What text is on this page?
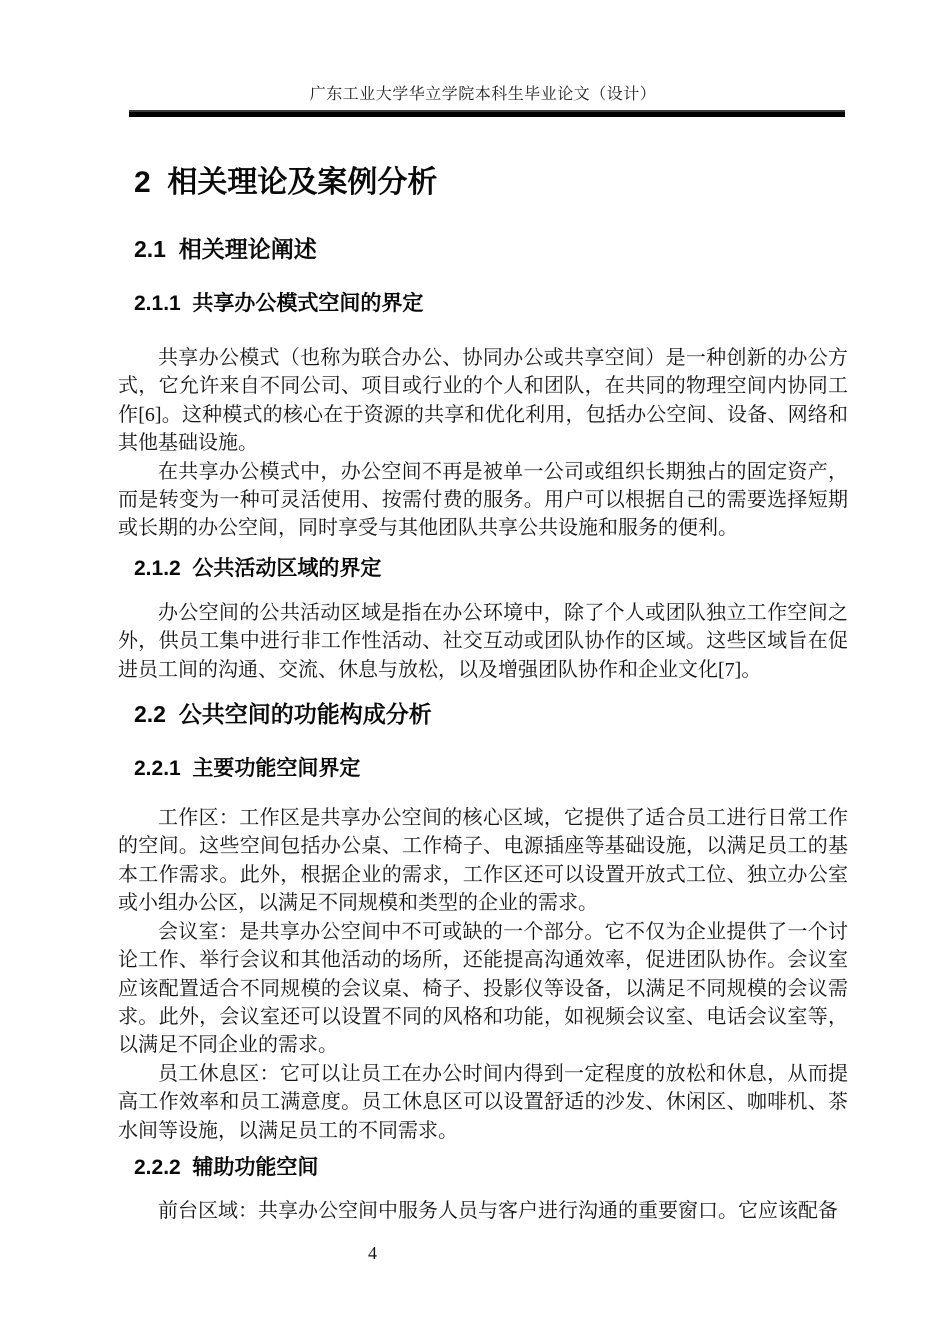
广东工业大学华立学院本科生毕业论文（设计）
2  相关理论及案例分析
2.1  相关理论阐述
2.1.1  共享办公模式空间的界定

共享办公模式（也称为联合办公、协同办公或共享空间）是一种创新的办公方式，它允许来自不同公司、项目或行业的个人和团队，在共同的物理空间内协同工作[6]。这种模式的核心在于资源的共享和优化利用，包括办公空间、设备、网络和其他基础设施。

在共享办公模式中，办公空间不再是被单一公司或组织长期独占的固定资产，而是转变为一种可灵活使用、按需付费的服务。用户可以根据自己的需要选择短期或长期的办公空间，同时享受与其他团队共享公共设施和服务的便利。

2.1.2  公共活动区域的界定

办公空间的公共活动区域是指在办公环境中，除了个人或团队独立工作空间之外，供员工集中进行非工作性活动、社交互动或团队协作的区域。这些区域旨在促进员工间的沟通、交流、休息与放松，以及增强团队协作和企业文化[7]。

2.2  公共空间的功能构成分析
2.2.1  主要功能空间界定

工作区：工作区是共享办公空间的核心区域，它提供了适合员工进行日常工作的空间。这些空间包括办公桌、工作椅子、电源插座等基础设施，以满足员工的基本工作需求。此外，根据企业的需求，工作区还可以设置开放式工位、独立办公室或小组办公区，以满足不同规模和类型的企业的需求。

会议室：是共享办公空间中不可或缺的一个部分。它不仅为企业提供了一个讨论工作、举行会议和其他活动的场所，还能提高沟通效率，促进团队协作。会议室应该配置适合不同规模的会议桌、椅子、投影仪等设备，以满足不同规模的会议需求。此外，会议室还可以设置不同的风格和功能，如视频会议室、电话会议室等，以满足不同企业的需求。

员工休息区：它可以让员工在办公时间内得到一定程度的放松和休息，从而提高工作效率和员工满意度。员工休息区可以设置舒适的沙发、休闲区、咖啡机、茶水间等设施，以满足员工的不同需求。

2.2.2  辅助功能空间

前台区域：共享办公空间中服务人员与客户进行沟通的重要窗口。它应该配备

4
